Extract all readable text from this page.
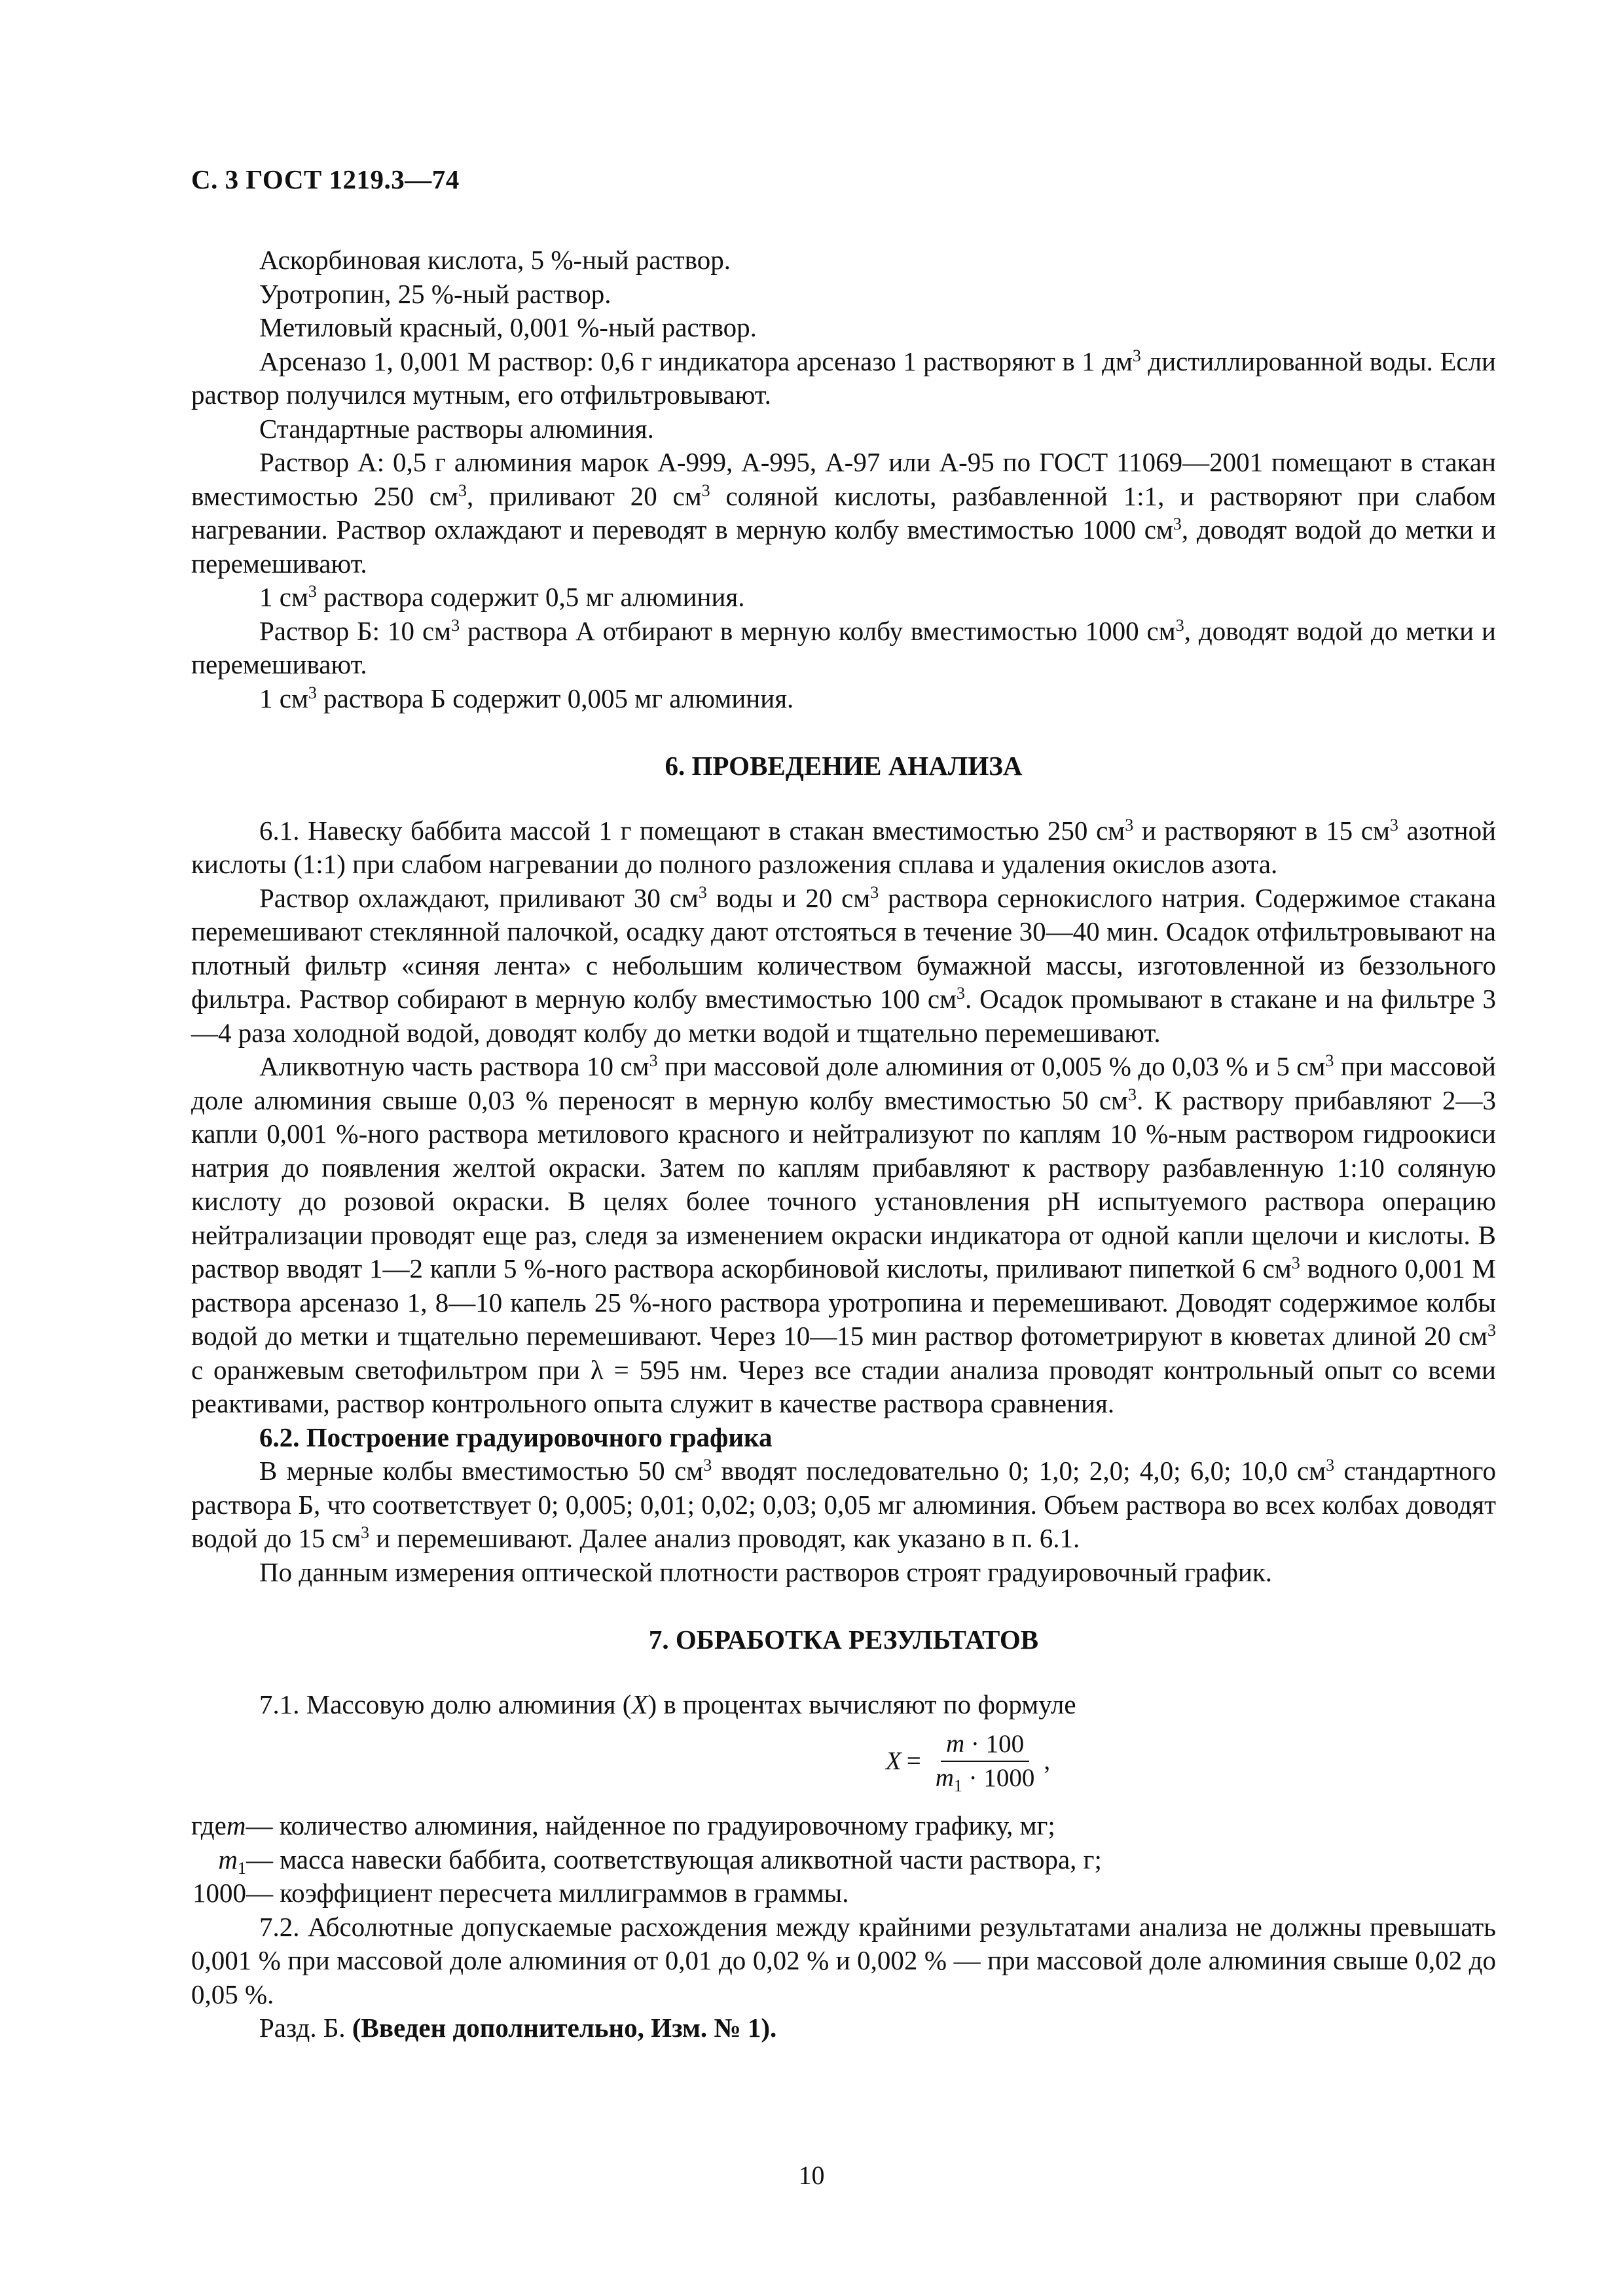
С. 3 ГОСТ 1219.3—74

Аскорбиновая кислота, 5 %-ный раствор.

Уротропин, 25 %-ный раствор.

Метиловый красный, 0,001 %-ный раствор.

Арсеназо 1, 0,001 М раствор: 0,6 г индикатора арсеназо 1 растворяют в 1 $дм^3$ дистиллированной воды. Если раствор получился мутным, его отфильтровывают.

Стандартные растворы алюминия.

Раствор А: 0,5 г алюминия марок А-999, А-995, А-97 или А-95 по ГОСТ 11069—2001 помещают в стакан вместимостью 250 $см^3$, приливают 20 $см^3$ соляной кислоты, разбавленной 1:1, и растворяют при слабом нагревании. Раствор охлаждают и переводят в мерную колбу вместимостью 1000 $см^3$, доводят водой до метки и перемешивают.

1 $см^3$ раствора содержит 0,5 мг алюминия.

Раствор Б: 10 $см^3$ раствора А отбирают в мерную колбу вместимостью 1000 $см^3$, доводят водой до метки и перемешивают.

1 $см^3$ раствора Б содержит 0,005 мг алюминия.

6. ПРОВЕДЕНИЕ АНАЛИЗА

6.1. Навеску баббита массой 1 г помещают в стакан вместимостью 250 $см^3$ и растворяют в 15 $см^3$ азотной кислоты (1:1) при слабом нагревании до полного разложения сплава и удаления окислов азота.

Раствор охлаждают, приливают 30 $см^3$ воды и 20 $см^3$ раствора сернокислого натрия. Содержимое стакана перемешивают стеклянной палочкой, осадку дают отстояться в течение 30—40 мин. Осадок отфильтровывают на плотный фильтр «синяя лента» с небольшим количеством бумажной массы, изготовленной из беззольного фильтра. Раствор собирают в мерную колбу вместимостью 100 $см^3$. Осадок промывают в стакане и на фильтре 3—4 раза холодной водой, доводят колбу до метки водой и тщательно перемешивают.

Аликвотную часть раствора 10 $см^3$ при массовой доле алюминия от 0,005 % до 0,03 % и 5 $см^3$ при массовой доле алюминия свыше 0,03 % переносят в мерную колбу вместимостью 50 $см^3$. К раствору прибавляют 2—3 капли 0,001 %-ного раствора метилового красного и нейтрализуют по каплям 10 %-ным раствором гидроокиси натрия до появления желтой окраски. Затем по каплям прибавляют к раствору разбавленную 1:10 соляную кислоту до розовой окраски. В целях более точного установления pH испытуемого раствора операцию нейтрализации проводят еще раз, следя за изменением окраски индикатора от одной капли щелочи и кислоты. В раствор вводят 1—2 капли 5 %-ного раствора аскорбиновой кислоты, приливают пипеткой 6 $см^3$ водного 0,001 М раствора арсеназо 1, 8—10 капель 25 %-ного раствора уротропина и перемешивают. Доводят содержимое колбы водой до метки и тщательно перемешивают. Через 10—15 мин раствор фотометрируют в кюветах длиной 20 $см^3$ с оранжевым светофильтром при λ = 595 нм. Через все стадии анализа проводят контрольный опыт со всеми реактивами, раствор контрольного опыта служит в качестве раствора сравнения.

6.2. Построение градуировочного графика

В мерные колбы вместимостью 50 $см^3$ вводят последовательно 0; 1,0; 2,0; 4,0; 6,0; 10,0 $см^3$ стандартного раствора Б, что соответствует 0; 0,005; 0,01; 0,02; 0,03; 0,05 мг алюминия. Объем раствора во всех колбах доводят водой до 15 $см^3$ и перемешивают. Далее анализ проводят, как указано в п. 6.1.

По данным измерения оптической плотности растворов строят градуировочный график.

7. ОБРАБОТКА РЕЗУЛЬТАТОВ

7.1. Массовую долю алюминия (X) в процентах вычисляют по формуле

$X = \frac{m \cdot 100}{m_1 \cdot 1000}$ ,
где m — количество алюминия, найденное по градуировочному графику, мг;
$m_1$ — масса навески баббита, соответствующая аликвотной части раствора, г;
1000 — коэффициент пересчета миллиграммов в граммы.

7.2. Абсолютные допускаемые расхождения между крайними результатами анализа не должны превышать 0,001 % при массовой доле алюминия от 0,01 до 0,02 % и 0,002 % — при массовой доле алюминия свыше 0,02 до 0,05 %.

Разд. Б. (Введен дополнительно, Изм. № 1).

10
